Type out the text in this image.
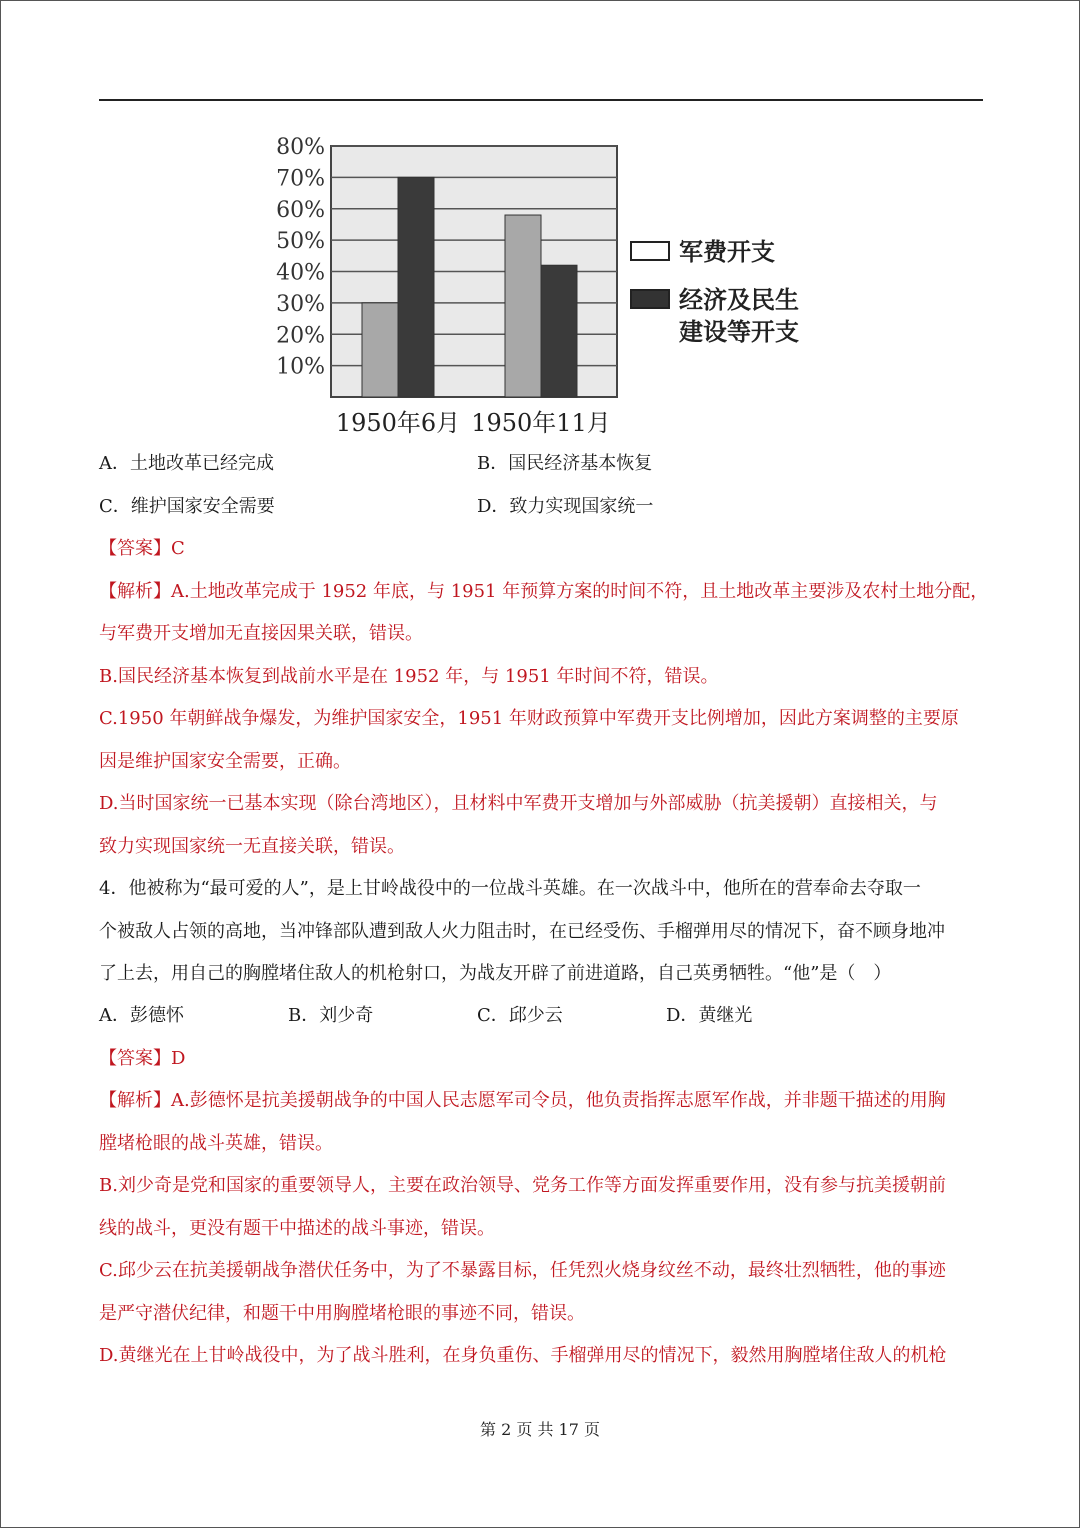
10%
20%
30%
40%
50%
60%
70%
80%
1950年6月 1950年11月
军费开支
经济及民生
建设等开支
A．土地改革已经完成	B．国民经济基本恢复
C．维护国家安全需要	D．致力实现国家统一
【答案】C
【解析】A.土地改革完成于 1952 年底，与 1951 年预算方案的时间不符，且土地改革主要涉及农村土地分配，
与军费开支增加无直接因果关联，错误。
B.国民经济基本恢复到战前水平是在 1952 年，与 1951 年时间不符，错误。
C.1950 年朝鲜战争爆发，为维护国家安全，1951 年财政预算中军费开支比例增加，因此方案调整的主要原
因是维护国家安全需要，正确。
D.当时国家统一已基本实现（除台湾地区），且材料中军费开支增加与外部威胁（抗美援朝）直接相关，与
致力实现国家统一无直接关联，错误。
4．他被称为“最可爱的人”，是上甘岭战役中的一位战斗英雄。在一次战斗中，他所在的营奉命去夺取一
个被敌人占领的高地，当冲锋部队遭到敌人火力阻击时，在已经受伤、手榴弹用尽的情况下，奋不顾身地冲
了上去，用自己的胸膛堵住敌人的机枪射口，为战友开辟了前进道路，自己英勇牺牲。“他”是（　）
A．彭德怀	B．刘少奇	C．邱少云	D．黄继光
【答案】D
【解析】A.彭德怀是抗美援朝战争的中国人民志愿军司令员，他负责指挥志愿军作战，并非题干描述的用胸
膛堵枪眼的战斗英雄，错误。
B.刘少奇是党和国家的重要领导人，主要在政治领导、党务工作等方面发挥重要作用，没有参与抗美援朝前
线的战斗，更没有题干中描述的战斗事迹，错误。
C.邱少云在抗美援朝战争潜伏任务中，为了不暴露目标，任凭烈火烧身纹丝不动，最终壮烈牺牲，他的事迹
是严守潜伏纪律，和题干中用胸膛堵枪眼的事迹不同，错误。
D.黄继光在上甘岭战役中，为了战斗胜利，在身负重伤、手榴弹用尽的情况下，毅然用胸膛堵住敌人的机枪
第 2 页 共 17 页
